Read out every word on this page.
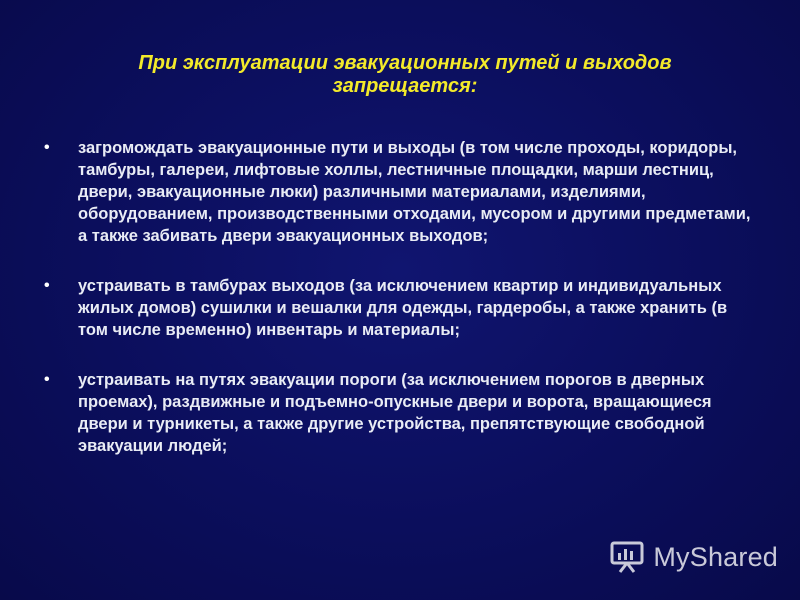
При эксплуатации эвакуационных путей и выходов
запрещается:
• загромождать эвакуационные пути и выходы (в том числе проходы, коридоры, тамбуры, галереи, лифтовые холлы, лестничные площадки, марши лестниц, двери, эвакуационные люки) различными материалами, изделиями, оборудованием, производственными отходами, мусором и другими предметами, а также забивать двери эвакуационных выходов;
• устраивать в тамбурах выходов (за исключением квартир и индивидуальных жилых домов) сушилки и вешалки для одежды, гардеробы, а также хранить (в том числе временно) инвентарь и материалы;
• устраивать на путях эвакуации пороги (за исключением порогов в дверных проемах), раздвижные и подъемно-опускные двери и ворота, вращающиеся двери и турникеты, а также другие устройства, препятствующие свободной эвакуации людей;
MyShared
